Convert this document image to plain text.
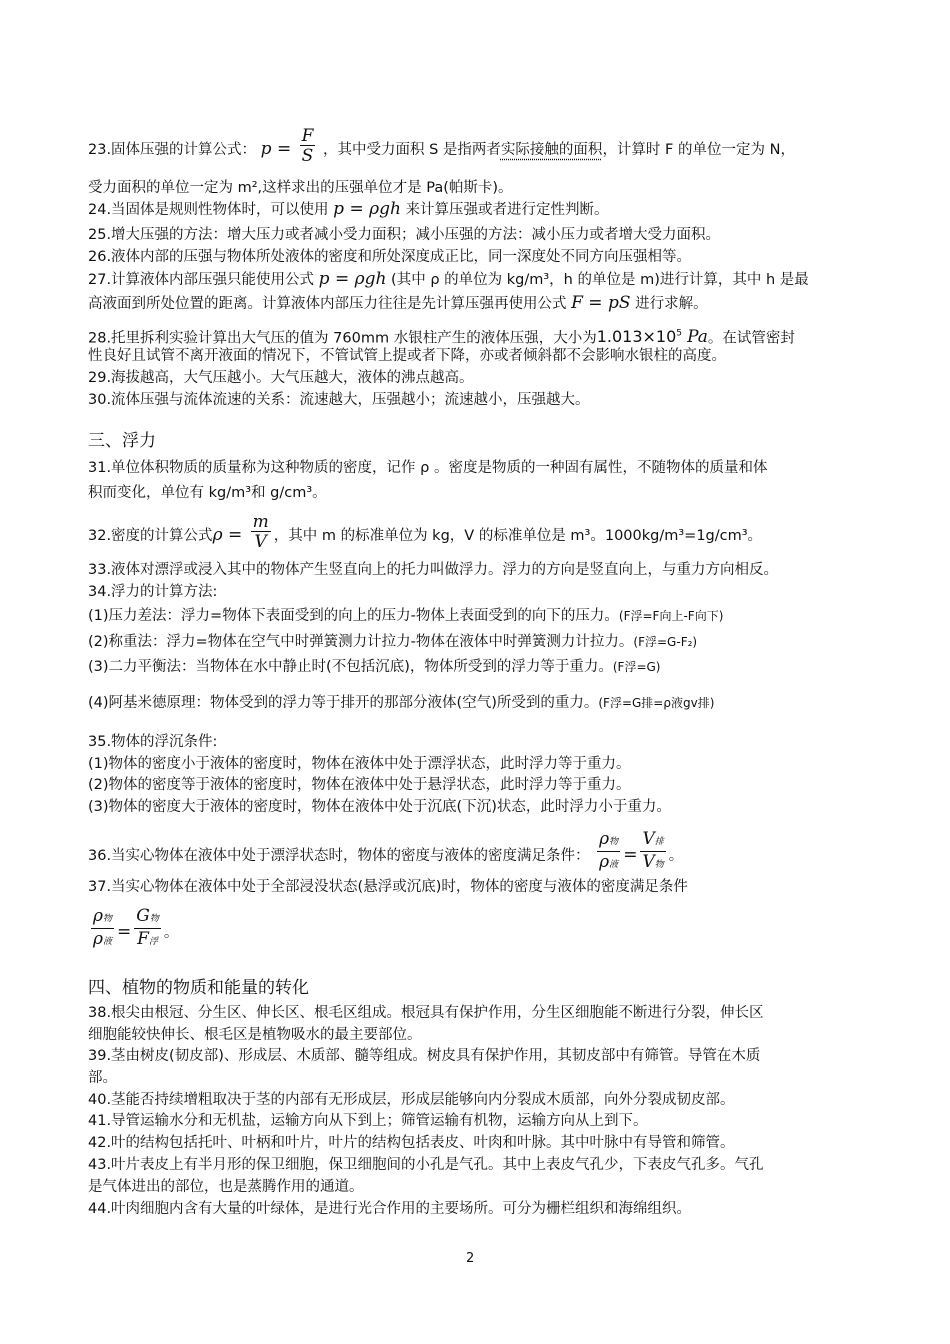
23.固体压强的计算公式： $p = \frac{F}{S}$ ，其中受力面积 S 是指两者实际接触的面积，计算时 F 的单位一定为 N，
受力面积的单位一定为 m²,这样求出的压强单位才是 Pa(帕斯卡)。
24.当固体是规则性物体时，可以使用 p = ρgh 来计算压强或者进行定性判断。
25.增大压强的方法：增大压力或者减小受力面积；减小压强的方法：减小压力或者增大受力面积。
26.液体内部的压强与物体所处液体的密度和所处深度成正比，同一深度处不同方向压强相等。
27.计算液体内部压强只能使用公式 p = ρgh (其中 ρ 的单位为 kg/m³，h 的单位是 m)进行计算，其中 h 是最
高液面到所处位置的距离。计算液体内部压力往往是先计算压强再使用公式 F = pS 进行求解。
28.托里拆利实验计算出大气压的值为 760mm 水银柱产生的液体压强，大小为$1.013\times 10^5$ Pa。在试管密封
性良好且试管不离开液面的情况下，不管试管上提或者下降，亦或者倾斜都不会影响水银柱的高度。
29.海拔越高，大气压越小。大气压越大，液体的沸点越高。
30.流体压强与流体流速的关系：流速越大，压强越小；流速越小，压强越大。
三、浮力
31.单位体积物质的质量称为这种物质的密度，记作 ρ 。密度是物质的一种固有属性，不随物体的质量和体
积而变化，单位有 kg/m³和 g/cm³。
32.密度的计算公式$\rho = \frac{m}{V}$ ，其中 m 的标准单位为 kg，V 的标准单位是 m³。1000kg/m³=1g/cm³。
33.液体对漂浮或浸入其中的物体产生竖直向上的托力叫做浮力。浮力的方向是竖直向上，与重力方向相反。
34.浮力的计算方法:
(1)压力差法：浮力=物体下表面受到的向上的压力-物体上表面受到的向下的压力。(F浮=F向上-F向下)
(2)称重法：浮力=物体在空气中时弹簧测力计拉力-物体在液体中时弹簧测力计拉力。(F浮=G-F₂)
(3)二力平衡法：当物体在水中静止时(不包括沉底)，物体所受到的浮力等于重力。(F浮=G)
(4)阿基米德原理：物体受到的浮力等于排开的那部分液体(空气)所受到的重力。(F浮=G排=ρ液gv排)
35.物体的浮沉条件:
(1)物体的密度小于液体的密度时，物体在液体中处于漂浮状态，此时浮力等于重力。
(2)物体的密度等于液体的密度时，物体在液体中处于悬浮状态，此时浮力等于重力。
(3)物体的密度大于液体的密度时，物体在液体中处于沉底(下沉)状态，此时浮力小于重力。
36.当实心物体在液体中处于漂浮状态时，物体的密度与液体的密度满足条件： $\frac{\text{ρ物}}{\text{ρ液}} = \frac{\text{V排}}{\text{V物}}$ 。
37.当实心物体在液体中处于全部浸没状态(悬浮或沉底)时，物体的密度与液体的密度满足条件
$\frac{\text{ρ物}}{\text{ρ液}} = \frac{\text{G物}}{\text{F浮}}$ 。
四、植物的物质和能量的转化
38.根尖由根冠、分生区、伸长区、根毛区组成。根冠具有保护作用，分生区细胞能不断进行分裂，伸长区
细胞能较快伸长、根毛区是植物吸水的最主要部位。
39.茎由树皮(韧皮部)、形成层、木质部、髓等组成。树皮具有保护作用，其韧皮部中有筛管。导管在木质
部。
40.茎能否持续增粗取决于茎的内部有无形成层，形成层能够向内分裂成木质部，向外分裂成韧皮部。
41.导管运输水分和无机盐，运输方向从下到上；筛管运输有机物，运输方向从上到下。
42.叶的结构包括托叶、叶柄和叶片，叶片的结构包括表皮、叶肉和叶脉。其中叶脉中有导管和筛管。
43.叶片表皮上有半月形的保卫细胞，保卫细胞间的小孔是气孔。其中上表皮气孔少，下表皮气孔多。气孔
是气体进出的部位，也是蒸腾作用的通道。
44.叶肉细胞内含有大量的叶绿体，是进行光合作用的主要场所。可分为栅栏组织和海绵组织。
2
